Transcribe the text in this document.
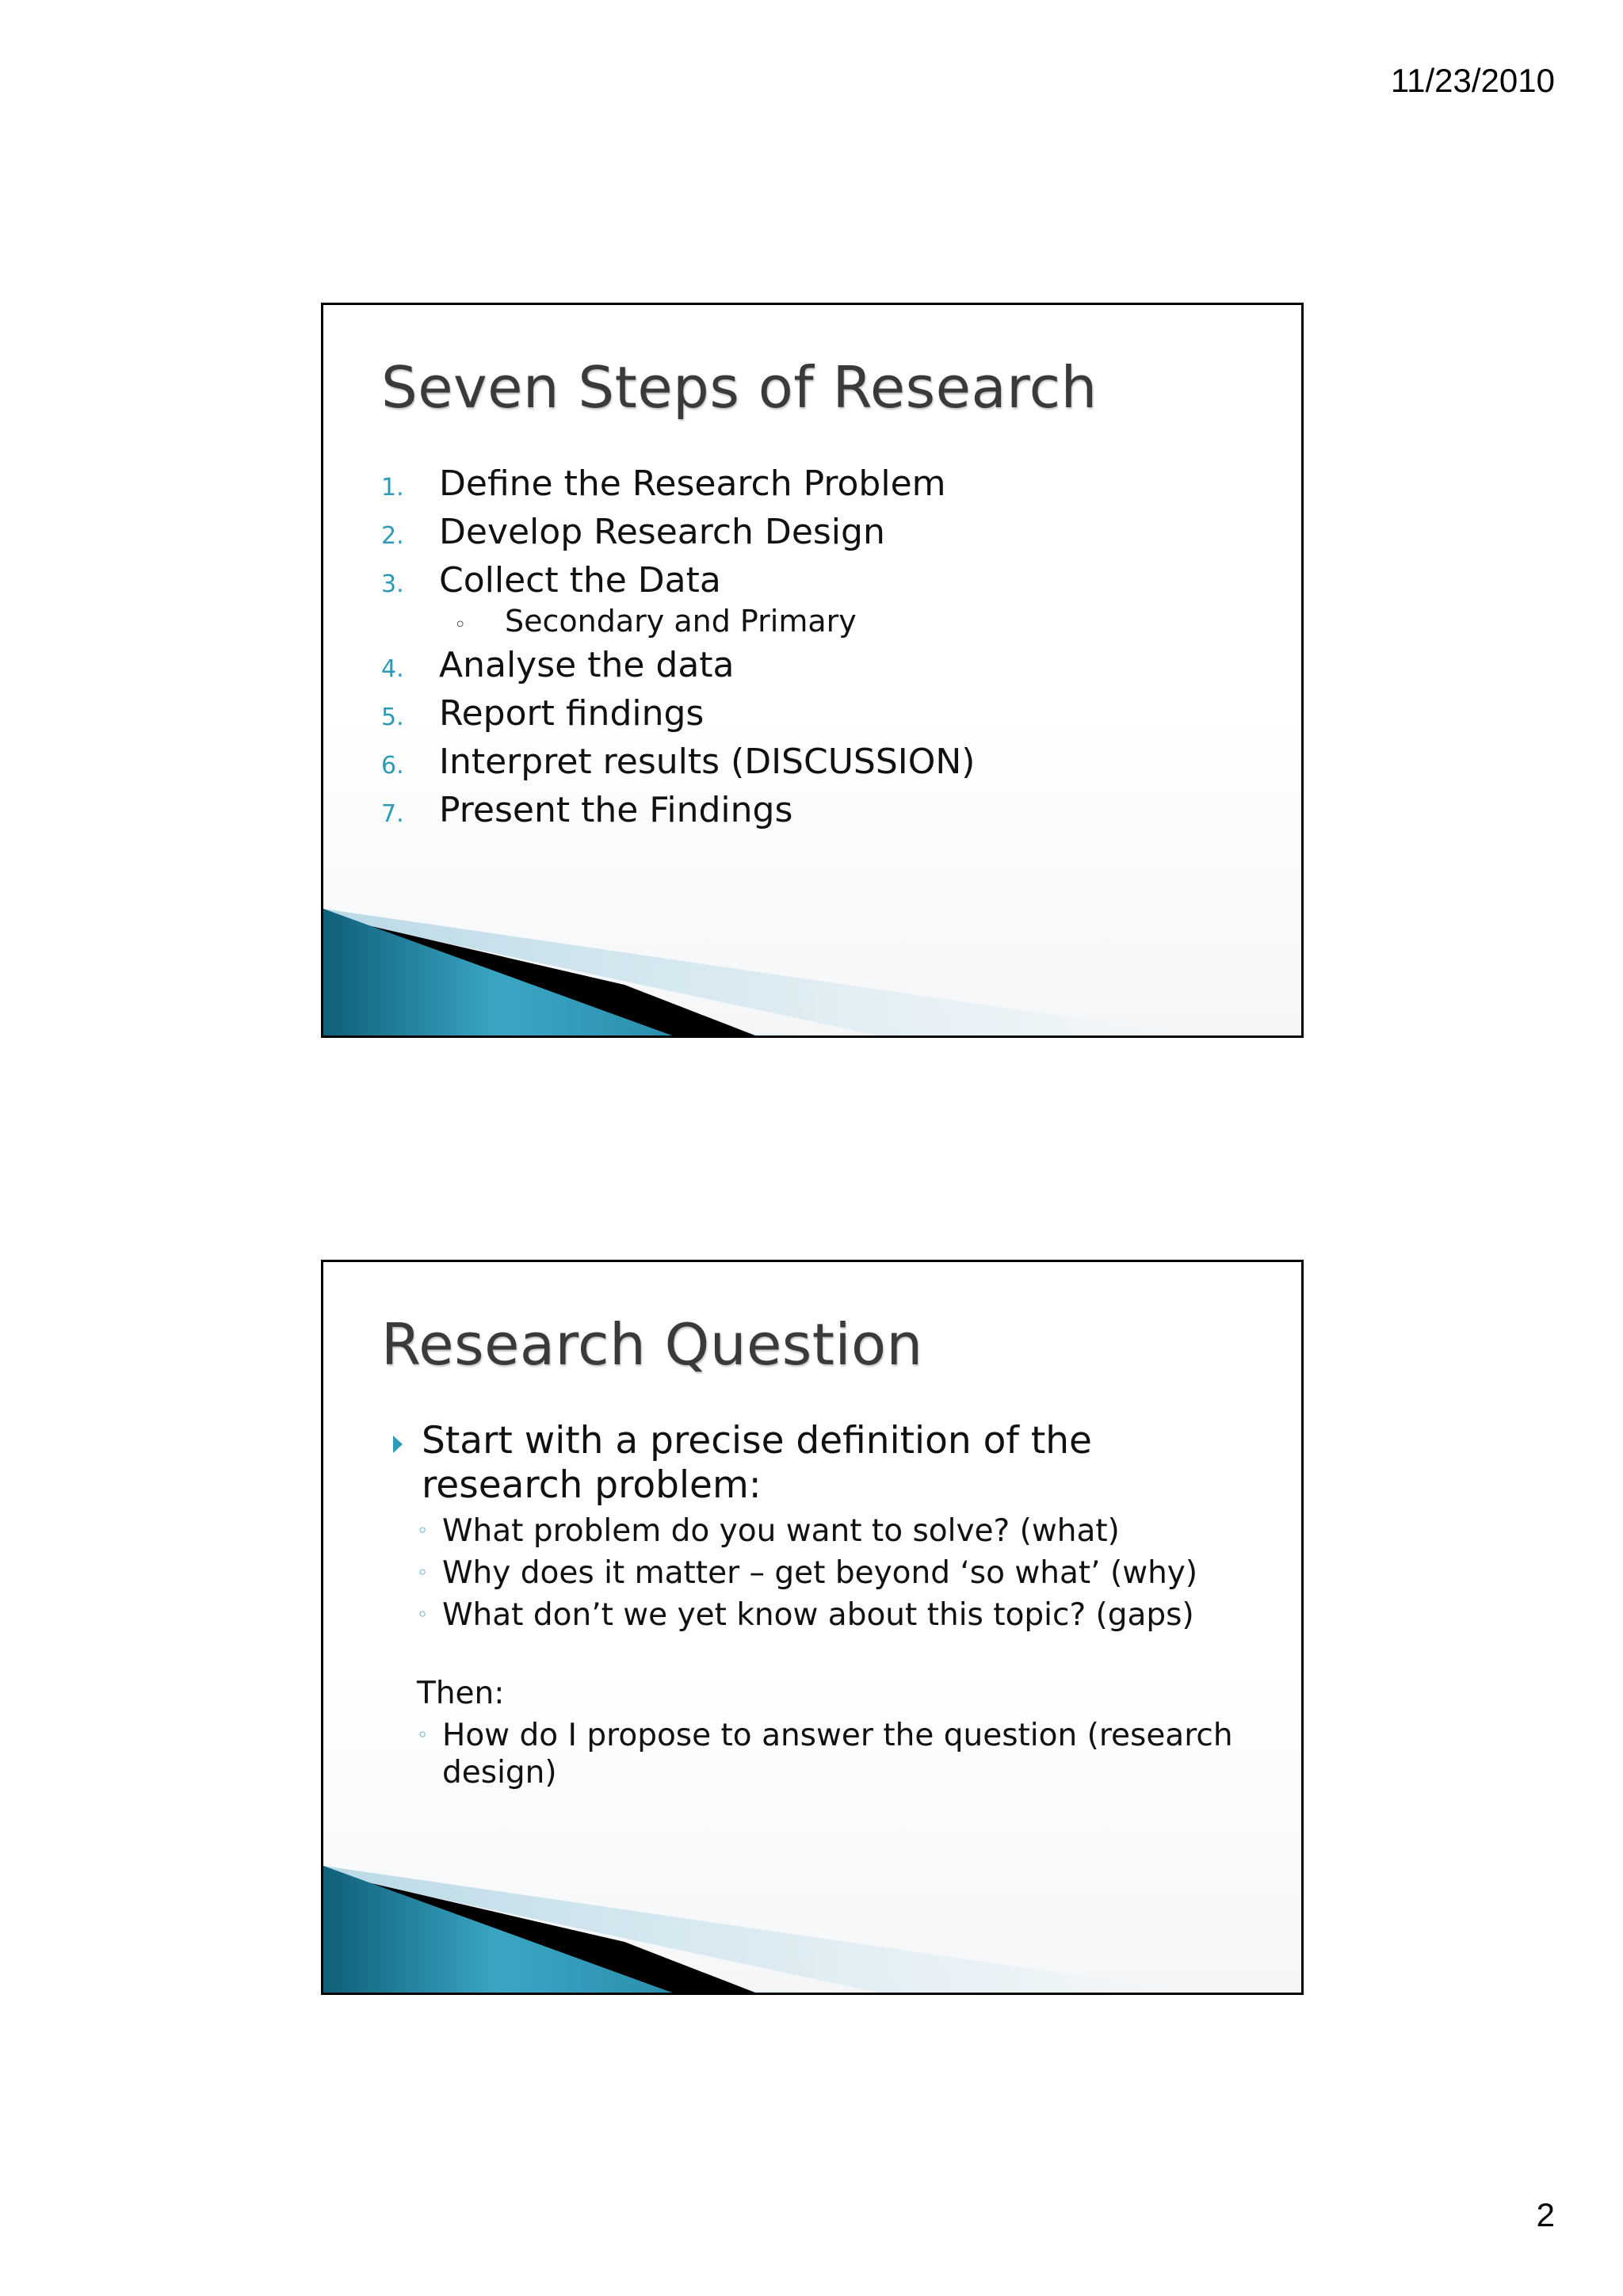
11/23/2010
Seven Steps of Research
1.	Define the Research Problem
2.	Develop Research Design
3.	Collect the Data
◦	Secondary and Primary
4.	Analyse the data
5.	Report findings
6.	Interpret results (DISCUSSION)
7.	Present the Findings
Research Question
Start with a precise definition of the research problem:
◦ What problem do you want to solve? (what)
◦ Why does it matter – get beyond ‘so what’ (why)
◦ What don’t we yet know about this topic? (gaps)
Then:
◦ How do I propose to answer the question (research design)
2
